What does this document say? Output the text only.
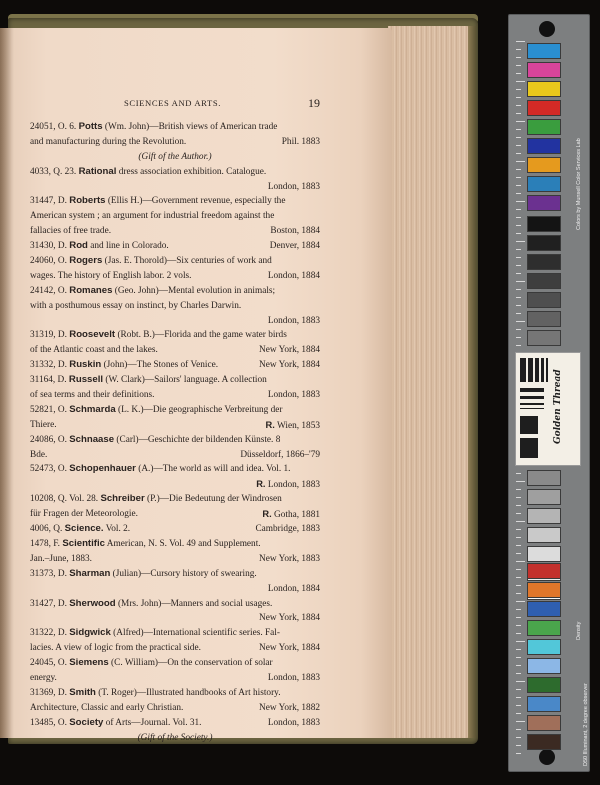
SCIENCES AND ARTS.	19
24051, O. 6. Potts (Wm. John)—British views of American trade
and manufacturing during the Revolution.	Phil. 1883
(Gift of the Author.)
4033, Q. 23. Rational dress association exhibition. Catalogue.
London, 1883
31447, D. Roberts (Ellis H.)—Government revenue, especially the
American system ; an argument for industrial freedom against the
fallacies of free trade.	Boston, 1884
31430, D. Rod and line in Colorado.	Denver, 1884
24060, O. Rogers (Jas. E. Thorold)—Six centuries of work and
wages. The history of English labor. 2 vols.	London, 1884
24142, O. Romanes (Geo. John)—Mental evolution in animals;
with a posthumous essay on instinct, by Charles Darwin.
London, 1883
31319, D. Roosevelt (Robt. B.)—Florida and the game water birds
of the Atlantic coast and the lakes.	New York, 1884
31332, D. Ruskin (John)—The Stones of Venice.	New York, 1884
31164, D. Russell (W. Clark)—Sailors' language. A collection
of sea terms and their definitions.	London, 1883
52821, O. Schmarda (L. K.)—Die geographische Verbreitung der
Thiere.	R. Wien, 1853
24086, O. Schnaase (Carl)—Geschichte der bildenden Künste. 8
Bde.	Düsseldorf, 1866–'79
52473, O. Schopenhauer (A.)—The world as will and idea. Vol. 1.
R. London, 1883
10208, Q. Vol. 28. Schreiber (P.)—Die Bedeutung der Windrosen
für Fragen der Meteorologie.	R. Gotha, 1881
4006, Q. Science. Vol. 2.	Cambridge, 1883
1478, F. Scientific American, N. S. Vol. 49 and Supplement.
Jan.–June, 1883.	New York, 1883
31373, D. Sharman (Julian)—Cursory history of swearing.
London, 1884
31427, D. Sherwood (Mrs. John)—Manners and social usages.
New York, 1884
31322, D. Sidgwick (Alfred)—International scientific series. Fal-
lacies. A view of logic from the practical side.	New York, 1884
24045, O. Siemens (C. William)—On the conservation of solar
energy.	London, 1883
31369, D. Smith (T. Roger)—Illustrated handbooks of Art history.
Architecture, Classic and early Christian.	New York, 1882
13485, O. Society of Arts—Journal. Vol. 31.	London, 1883
(Gift of the Society.)
Golden Thread
Colors by Munsell Color Services Lab
Density
D50 Illuminant, 2 degree observer
